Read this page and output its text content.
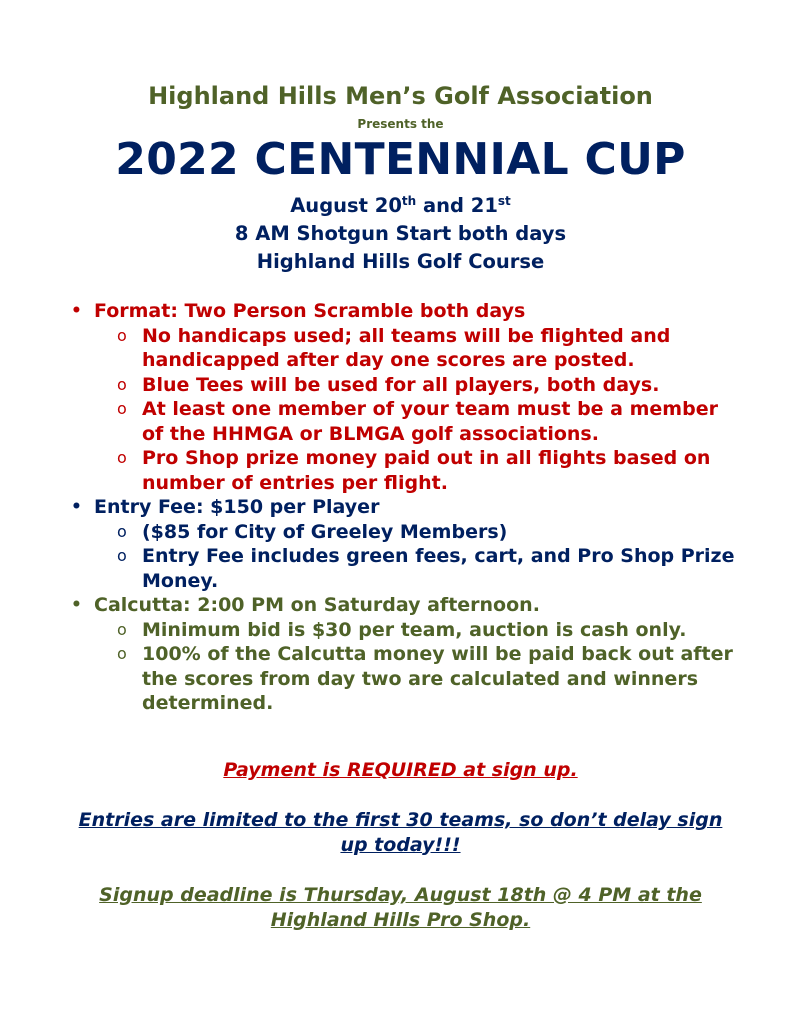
Highland Hills Men’s Golf Association
Presents the
2022 CENTENNIAL CUP
August 20th and 21st
8 AM Shotgun Start both days
Highland Hills Golf Course
• Format: Two Person Scramble both days
o No handicaps used; all teams will be flighted and handicapped after day one scores are posted.
o Blue Tees will be used for all players, both days.
o At least one member of your team must be a member of the HHMGA or BLMGA golf associations.
o Pro Shop prize money paid out in all flights based on number of entries per flight.
• Entry Fee: $150 per Player
o ($85 for City of Greeley Members)
o Entry Fee includes green fees, cart, and Pro Shop Prize Money.
• Calcutta: 2:00 PM on Saturday afternoon.
o Minimum bid is $30 per team, auction is cash only.
o 100% of the Calcutta money will be paid back out after the scores from day two are calculated and winners determined.
Payment is REQUIRED at sign up.
Entries are limited to the first 30 teams, so don’t delay sign up today!!!
Signup deadline is Thursday, August 18th @ 4 PM at the Highland Hills Pro Shop.
